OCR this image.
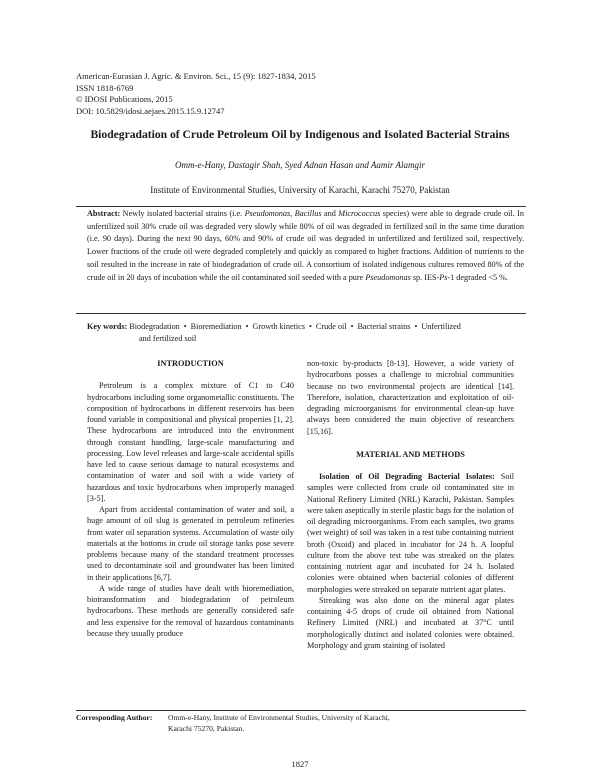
American-Eurasian J. Agric. & Environ. Sci., 15 (9): 1827-1834, 2015
ISSN 1818-6769
© IDOSI Publications, 2015
DOI: 10.5829/idosi.aejaes.2015.15.9.12747
Biodegradation of Crude Petroleum Oil by Indigenous and Isolated Bacterial Strains
Omm-e-Hany, Dastagir Shah, Syed Adnan Hasan and Aamir Alamgir
Institute of Environmental Studies, University of Karachi, Karachi 75270, Pakistan
Abstract: Newly isolated bacterial strains (i.e. Pseudomonas, Bacillus and Micrococcus species) were able to degrade crude oil. In unfertilized soil 30% crude oil was degraded very slowly while 80% of oil was degraded in fertilized soil in the same time duration (i.e. 90 days). During the next 90 days, 60% and 90% of crude oil was degraded in unfertilized and fertilized soil, respectively. Lower fractions of the crude oil were degraded completely and quickly as compared to higher fractions. Addition of nutrients to the soil resulted in the increase in rate of biodegradation of crude oil. A consortium of isolated indigenous cultures removed 80% of the crude oil in 20 days of incubation while the oil contaminated soil seeded with a pure Pseudomonas sp. IES-Ps-1 degraded <5 %.
Key words: Biodegradation • Bioremediation • Growth kinetics • Crude oil • Bacterial strains • Unfertilized
and fertilized soil
INTRODUCTION

Petroleum is a complex mixture of C1 to C40 hydrocarbons including some organometallic constituents. The composition of hydrocarbons in different reservoirs has been found variable in compositional and physical properties [1, 2]. These hydrocarbons are introduced into the environment through constant handling, large-scale manufacturing and processing. Low level releases and large-scale accidental spills have led to cause serious damage to natural ecosystems and contamination of water and soil with a wide variety of hazardous and toxic hydrocarbons when improperly managed [3-5].

Apart from accidental contamination of water and soil, a huge amount of oil slug is generated in petroleum refineries from water oil separation systems. Accumulation of waste oily materials at the bottoms in crude oil storage tanks pose severe problems because many of the standard treatment processes used to decontaminate soil and groundwater has been limited in their applications [6,7].

A wide range of studies have dealt with bioremediation, biotransformation and biodegradation of petroleum hydrocarbons. These methods are generally considered safe and less expensive for the removal of hazardous contaminants because they usually produce

non-toxic by-products [8-13]. However, a wide variety of hydrocarbons posses a challenge to microbial communities because no two environmental projects are identical [14]. Therefore, isolation, characterization and exploitation of oil-degrading microorganisms for environmental clean-up have always been considered the main objective of researchers [15,16].

MATERIAL AND METHODS

Isolation of Oil Degrading Bacterial Isolates: Soil samples were collected from crude oil contaminated site in National Refinery Limited (NRL) Karachi, Pakistan. Samples were taken aseptically in sterile plastic bags for the isolation of oil degrading microorganisms. From each samples, two grams (wet weight) of soil was taken in a test tube containing nutrient broth (Oxoid) and placed in incubator for 24 h. A loopful culture from the above test tube was streaked on the plates containing nutrient agar and incubated for 24 h. Isolated colonies were obtained when bacterial colonies of different morphologies were streaked on separate nutrient agar plates.

Streaking was also done on the mineral agar plates containing 4-5 drops of crude oil obtained from National Refinery Limited (NRL) and incubated at 37°C until morphologically distinct and isolated colonies were obtained. Morphology and gram staining of isolated

Corresponding Author: Omm-e-Hany, Institute of Environmental Studies, University of Karachi,
Karachi 75270, Pakistan.
1827
